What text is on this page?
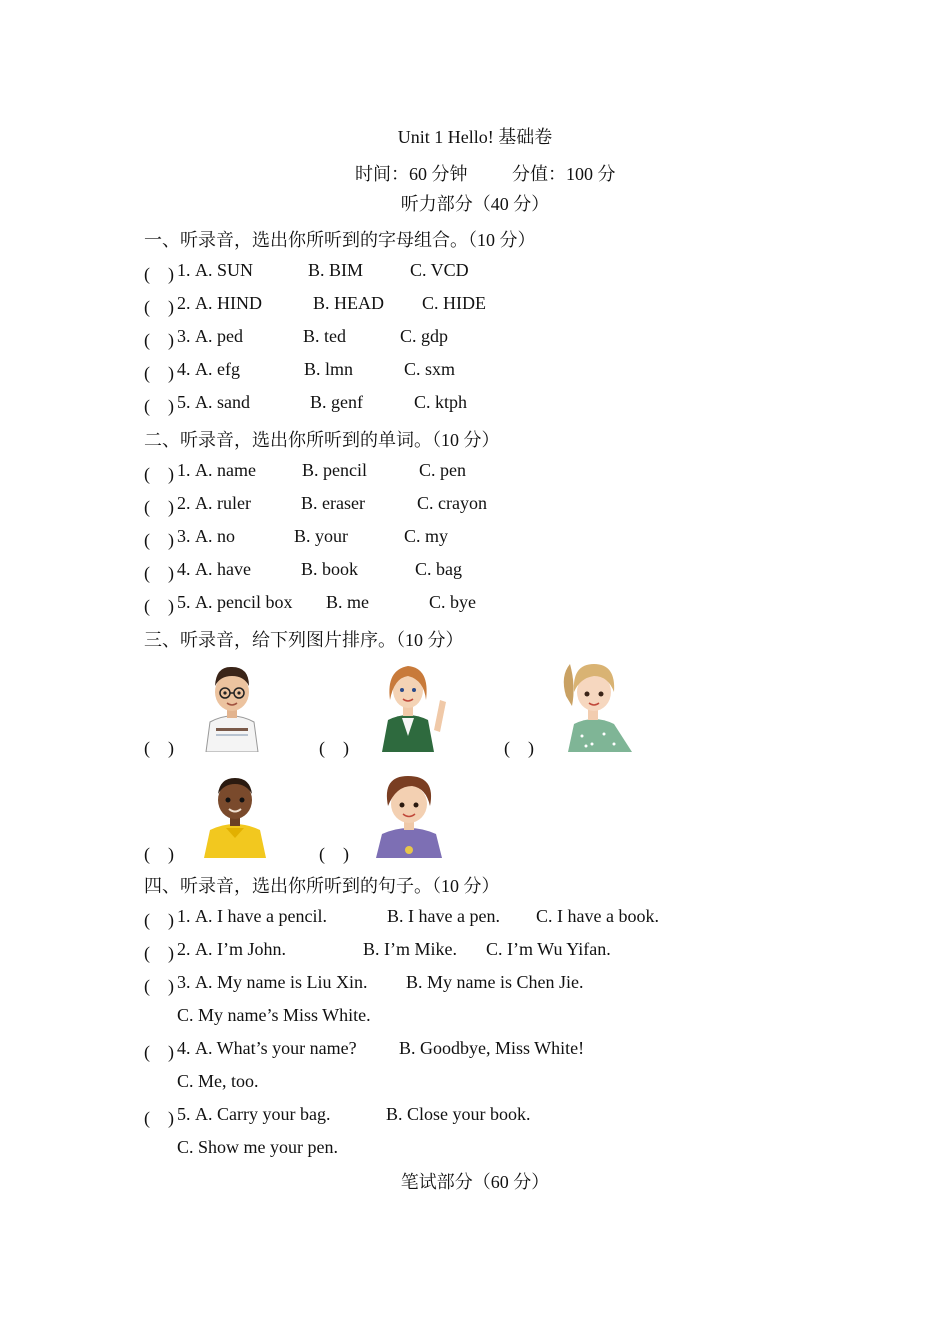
Unit 1 Hello! 基础卷
时间：60 分钟 分值：100 分
听力部分（40 分）
一、听录音，选出你所听到的字母组合。（10 分）
(　) 1. A. SUN	B. BIM	C. VCD
(　) 2. A. HIND	B. HEAD C. HIDE
(　) 3. A. ped	B. ted	C. gdp
(　) 4. A. efg	B. lmn	C. sxm
(　) 5. A. sand	B. genf	C. ktph
二、听录音，选出你所听到的单词。（10 分）
(　) 1. A. name	B. pencil	C. pen
(　) 2. A. ruler	B. eraser	C. crayon
(　) 3. A. no	B. your	C. my
(　) 4. A. have	B. book	C. bag
(　) 5. A. pencil box B. me	C. bye
三、听录音，给下列图片排序。（10 分）
(　)	(　)	(　)
(　)	(　)
四、听录音，选出你所听到的句子。（10 分）
(　) 1. A. I have a pencil.	B. I have a pen. C. I have a book.
(　) 2. A. I’m John.	B. I’m Mike. C. I’m Wu Yifan.
(　) 3. A. My name is Liu Xin. B. My name is Chen Jie.
C. My name’s Miss White.
(　) 4. A. What’s your name? B. Goodbye, Miss White!
C. Me, too.
(　) 5. A. Carry your bag.	B. Close your book.
C. Show me your pen.
笔试部分（60 分）
